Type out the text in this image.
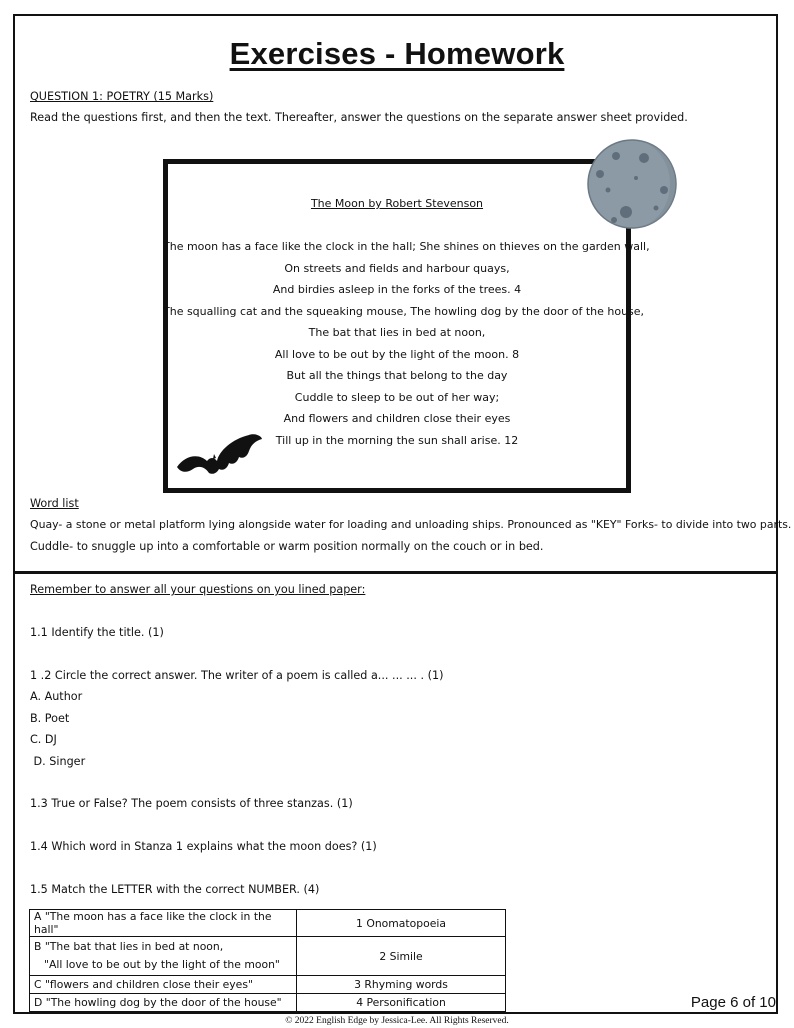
Exercises - Homework
QUESTION 1: POETRY (15 Marks)
Read the questions first, and then the text. Thereafter, answer the questions on the separate answer sheet provided.
The Moon by Robert Stevenson
The moon has a face like the clock in the hall; She shines on thieves on the garden wall,
On streets and fields and harbour quays,
And birdies asleep in the forks of the trees. 4
The squalling cat and the squeaking mouse, The howling dog by the door of the house,
The bat that lies in bed at noon,
All love to be out by the light of the moon. 8
But all the things that belong to the day
Cuddle to sleep to be out of her way;
And flowers and children close their eyes
Till up in the morning the sun shall arise. 12
Word list
Quay- a stone or metal platform lying alongside water for loading and unloading ships. Pronounced as "KEY" Forks- to divide into two parts.
Cuddle- to snuggle up into a comfortable or warm position normally on the couch or in bed.
Remember to answer all your questions on you lined paper:
1.1 Identify the title. (1)
1 .2 Circle the correct answer. The writer of a poem is called a... ... ... . (1)
A. Author
B. Poet
C. DJ
D. Singer
1.3 True or False? The poem consists of three stanzas. (1)
1.4 Which word in Stanza 1 explains what the moon does? (1)
1.5 Match the LETTER with the correct NUMBER. (4)
A "The moon has a face like the clock in the hall"	1 Onomatopoeia

B "The bat that lies in bed at noon,
"All love to be out by the light of the moon"	2 Simile
C "flowers and children close their eyes"	3 Rhyming words
D "The howling dog by the door of the house"	4 Personification	Page 6 of 10
© 2022 English Edge by Jessica-Lee. All Rights Reserved.
